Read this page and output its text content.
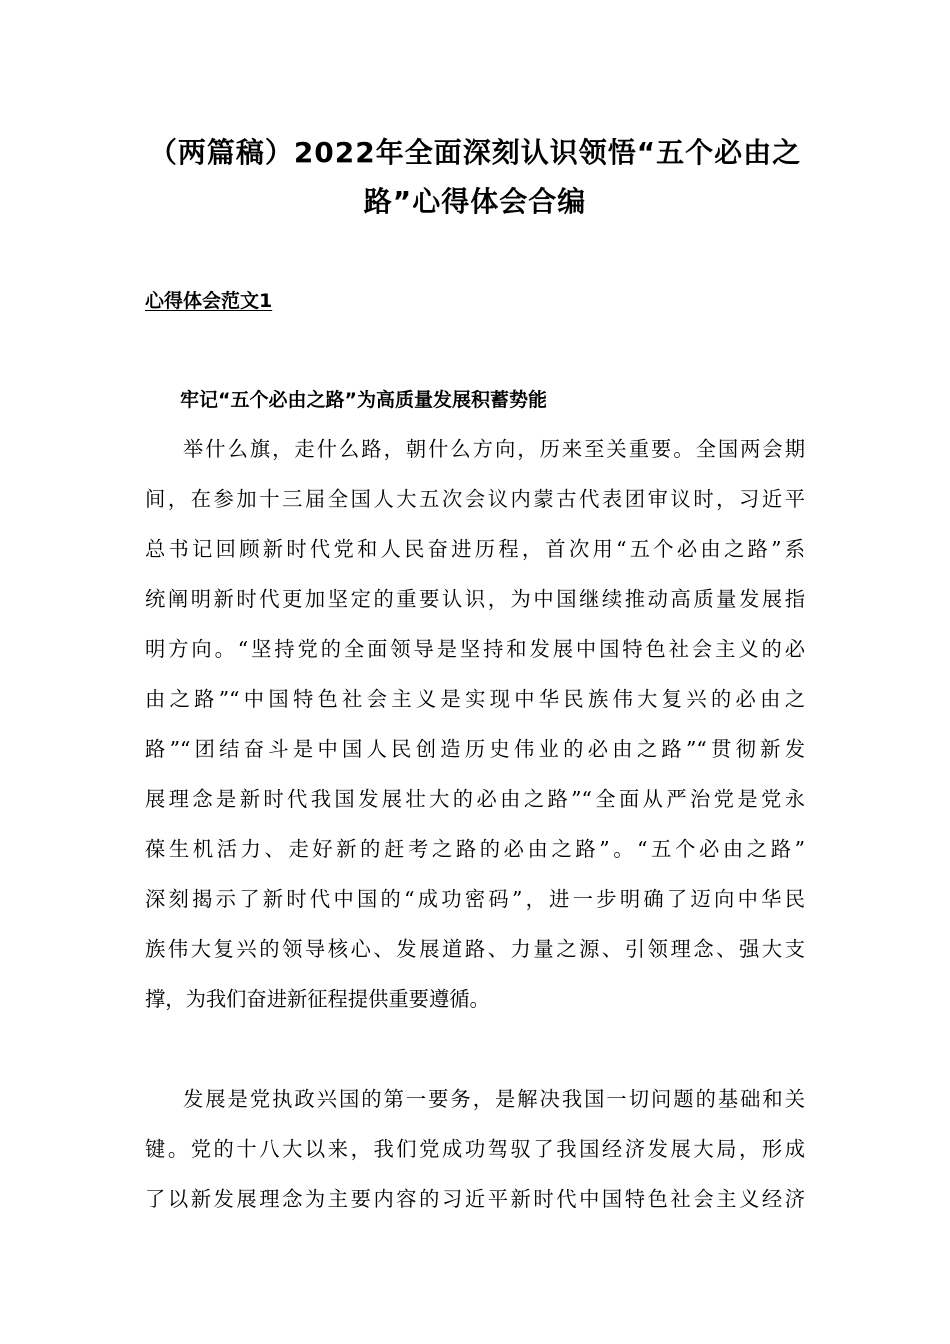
（两篇稿）2022年全面深刻认识领悟“五个必由之
路”心得体会合编

心得体会范文1

牢记“五个必由之路”为高质量发展积蓄势能

举什么旗，走什么路，朝什么方向，历来至关重要。全国两会期

间，在参加十三届全国人大五次会议内蒙古代表团审议时，习近平

总书记回顾新时代党和人民奋进历程，首次用“五个必由之路”系

统阐明新时代更加坚定的重要认识，为中国继续推动高质量发展指

明方向。“坚持党的全面领导是坚持和发展中国特色社会主义的必

由之路”“中国特色社会主义是实现中华民族伟大复兴的必由之

路”“团结奋斗是中国人民创造历史伟业的必由之路”“贯彻新发

展理念是新时代我国发展壮大的必由之路”“全面从严治党是党永

葆生机活力、走好新的赶考之路的必由之路”。“五个必由之路”

深刻揭示了新时代中国的“成功密码”，进一步明确了迈向中华民

族伟大复兴的领导核心、发展道路、力量之源、引领理念、强大支

撑，为我们奋进新征程提供重要遵循。

发展是党执政兴国的第一要务，是解决我国一切问题的基础和关

键。党的十八大以来，我们党成功驾驭了我国经济发展大局，形成

了以新发展理念为主要内容的习近平新时代中国特色社会主义经济
